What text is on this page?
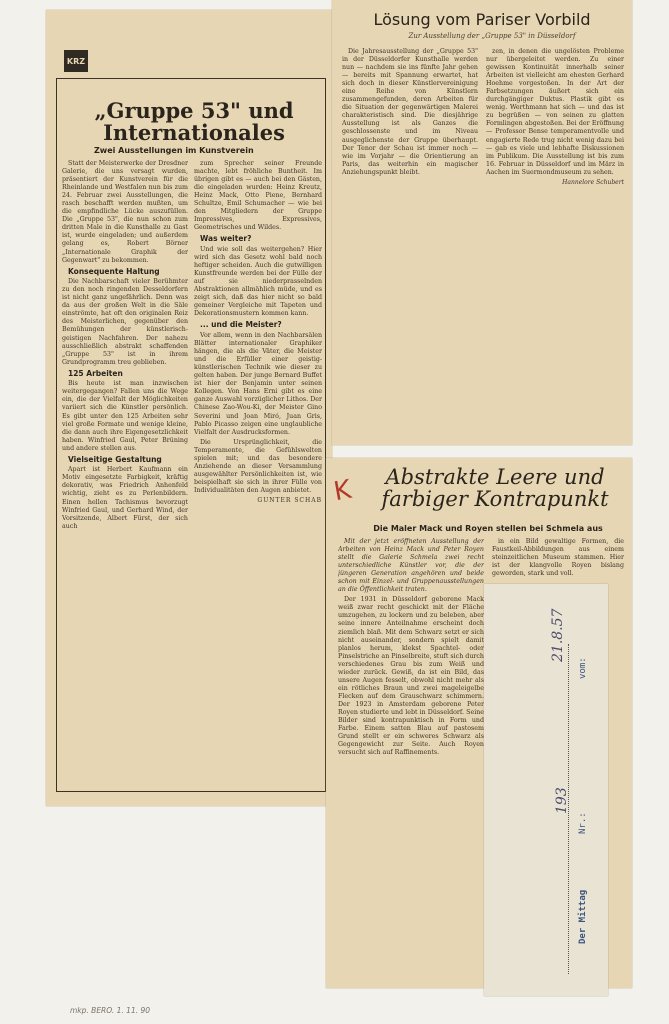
KRZ
„Gruppe 53" und Internationales
Zwei Ausstellungen im Kunstverein

Statt der Meisterwerke der Dresdner Galerie, die uns versagt wurden, präsentiert der Kunstverein für die Rheinlande und Westfalen nun bis zum 24. Februar zwei Ausstellungen, die rasch beschafft werden mußten, um die empfindliche Lücke auszufüllen. Die „Gruppe 53", die nun schon zum dritten Male in die Kunsthalle zu Gast ist, wurde eingeladen; und außerdem gelang es, Robert Börner „Internationale Graphik der Gegenwart" zu bekommen.

Konsequente Haltung

Die Nachbarschaft vieler Berühmter zu den noch ringenden Desseldorfern ist nicht ganz ungefährlich. Denn was da aus der großen Welt in die Säle einströmte, hat oft den originalen Reiz des Meisterlichen, gegenüber den Bemühungen der künstlerisch-geistigen Nachfahren. Der nahezu ausschließlich abstrakt schaffenden „Gruppe 53" ist in ihrem Grundprogramm treu geblieben.

125 Arbeiten

Bis heute ist man inzwischen weitergegangen? Fallen uns die Wege ein, die der Vielfalt der Möglichkeiten variiert sich die Künstler persönlich. Es gibt unter den 125 Arbeiten sehr viel große Formate und wenige kleine, die dann auch ihre Eigengesetzlichkeit haben. Winfried Gaul, Peter Brüning und andere stellen aus.

Vielseitige Gestaltung

Apart ist Herbert Kaufmann ein Motiv eingesetzte Farbigkeit, kräftig dekorativ, was Friedrich Anhenfeld wichtig, zieht es zu Perlenbildern. Einen hellen Tachismus bevorzugt Winfried Gaul, und Gerhard Wind, der Vorsitzende, Albert Fürst, der sich auch

zum Sprecher seiner Freunde machte, lebt fröhliche Buntheit. Im übrigen gibt es — auch bei den Gästen, die eingeladen wurden: Heinz Kreutz, Heinz Mack, Otto Piene, Bernhard Schultze, Emil Schumacher — wie bei den Mitgliedern der Gruppe Impressives, Expressives, Geometrisches und Wildes.

Was weiter?

Und wie soll das weitergehen? Hier wird sich das Gesetz wohl bald noch heftiger scheiden. Auch die gutwilligen Kunstfreunde werden bei der Fülle der auf sie niederprasselnden Abstraktionen allmählich müde, und es zeigt sich, daß das hier nicht so bald gemeiner Vergleiche mit Tapeten und Dekorationsmustern kommen kann.

... und die Meister?

Vor allem, wenn in den Nachbarsälen Blätter internationaler Graphiker hängen, die als die Väter, die Meister und die Erfüller einer geistig-künstlerischen Technik wie dieser zu gelten haben. Der junge Bernard Buffet ist hier der Benjamin unter seinen Kollegen. Von Hans Erni gibt es eine ganze Auswahl vorzüglicher Lithos. Der Chinese Zao-Wou-Ki, der Meister Gino Severini und Joan Miró, Juan Gris, Pablo Picasso zeigen eine unglaubliche Vielfalt der Ausdrucksformen.

Die Ursprünglichkeit, die Temperamente, die Gefühlswelten spielen mit; und das besondere Anziehende an dieser Versammlung ausgewählter Persönlichkeiten ist, wie beispielhaft sie sich in ihrer Fülle von Individualitäten den Augen anbietet.

GUNTER SCHAB

Lösung vom Pariser Vorbild
Zur Ausstellung der „Gruppe 53" in Düsseldorf

Die Jahresausstellung der „Gruppe 53" in der Düsseldorfer Kunsthalle werden nun — nachdem sie ins fünfte Jahr gehen — bereits mit Spannung erwartet, hat sich doch in dieser Künstlervereinigung eine Reihe von Künstlern zusammengefunden, deren Arbeiten für die Situation der gegenwärtigen Malerei charakteristisch sind. Die diesjährige Ausstellung ist als Ganzes die geschlossenste und im Niveau ausgeglichenste der Gruppe überhaupt. Der Tenor der Schau ist immer noch — wie im Vorjahr — die Orientierung an Paris, das weiterhin ein magischer Anziehungspunkt bleibt.

zen, in denen die ungelösten Probleme nur übergeleitet werden. Zu einer gewissen Kontinuität innerhalb seiner Arbeiten ist vielleicht am ehesten Gerhard Hoehme vorgestoßen. In der Art der Farbsetzungen äußert sich ein durchgängiger Duktus. Plastik gibt es wenig. Werthmann hat sich — und das ist zu begrüßen — von seinen zu glatten Formlingen abgestoßen. Bei der Eröffnung — Professor Bense temperamentvolle und engagierte Rede trug nicht wenig dazu bei — gab es viele und lebhafte Diskussionen im Publikum. Die Ausstellung ist bis zum 16. Februar in Düsseldorf und im März in Aachen im Suermondmuseum zu sehen.

Hannelore Schubert

K	Abstrakte Leere und farbiger Kontrapunkt
Die Maler Mack und Royen stellen bei Schmela aus

Mit der jetzt eröffneten Ausstellung der Arbeiten von Heinz Mack und Peter Royen stellt die Galerie Schmela zwei recht unterschiedliche Künstler vor, die der jüngeren Generation angehören und beide schon mit Einzel- und Gruppenausstellungen an die Öffentlichkeit traten.

Der 1931 in Düsseldorf geborene Mack weiß zwar recht geschickt mit der Fläche umzugehen, zu lockern und zu beleben, aber seine innere Anteilnahme erscheint doch ziemlich blaß. Mit dem Schwarz setzt er sich nicht auseinander, sondern spielt damit planlos herum, klekst Spachtel- oder Pinselstriche an Pinselbreite, stuft sich durch verschiedenes Grau bis zum Weiß und wieder zurück. Gewiß, da ist ein Bild, das unsere Augen fesselt, obwohl nicht mehr als ein rötliches Braun und zwei mageleigelbe Flecken auf dem Grauschwarz schimmern. Der 1923 in Amsterdam geborene Peter Royen studierte und lebt in Düsseldorf. Seine Bilder sind kontrapunktisch in Form und Farbe. Einem satten Blau auf pastosem Grund stellt er ein schweres Schwarz als Gegengewicht zur Seite. Auch Royen versucht sich auf Raffinements.

in ein Bild gewaltige Formen, die Faustkeil-Abbildungen aus einem steinzeitlichen Museum stammen. Hier ist der klangvolle Royen bislang geworden, stark und voll.

Der Mittag
Nr.:
vom:
193
21.8.57
mkp. BERO. 1. 11. 90
